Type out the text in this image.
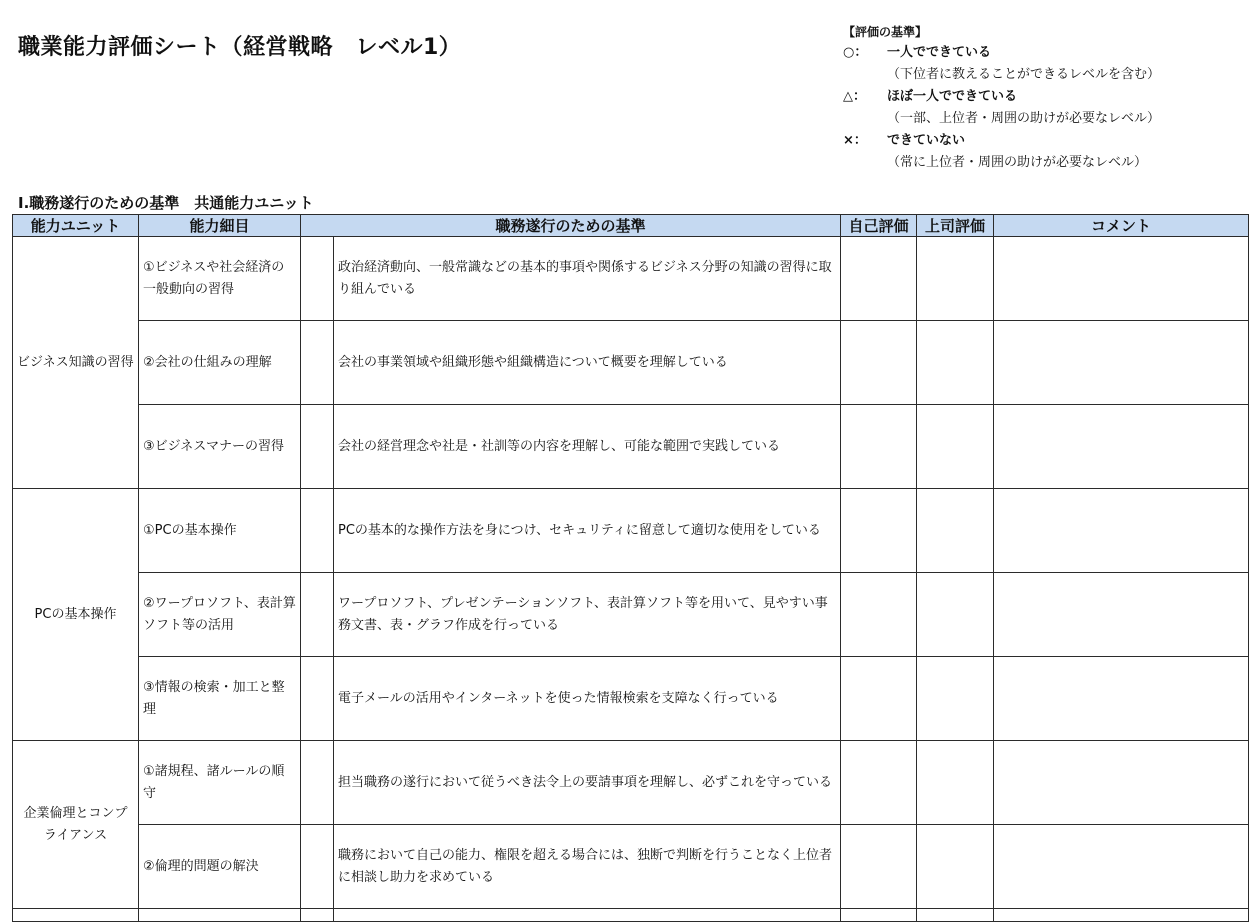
職業能力評価シート（経営戦略　レベル1）
【評価の基準】
○：	一人でできている
（下位者に教えることができるレベルを含む）
△：	ほぼ一人でできている
（一部、上位者・周囲の助けが必要なレベル）
×：	できていない
（常に上位者・周囲の助けが必要なレベル）
Ⅰ.職務遂行のための基準　共通能力ユニット
能力ユニット	能力細目	職務遂行のための基準		自己評価	上司評価	コメント
ビジネス知識の習得	①ビジネスや社会経済の一般動向の習得		政治経済動向、一般常識などの基本的事項や関係するビジネス分野の知識の習得に取り組んでいる			
	②会社の仕組みの理解		会社の事業領域や組織形態や組織構造について概要を理解している			
	③ビジネスマナーの習得		会社の経営理念や社是・社訓等の内容を理解し、可能な範囲で実践している			
PCの基本操作	①PCの基本操作		PCの基本的な操作方法を身につけ、セキュリティに留意して適切な使用をしている			
	②ワープロソフト、表計算ソフト等の活用		ワープロソフト、プレゼンテーションソフト、表計算ソフト等を用いて、見やすい事務文書、表・グラフ作成を行っている			
	③情報の検索・加工と整理		電子メールの活用やインターネットを使った情報検索を支障なく行っている			
企業倫理とコンプライアンス	①諸規程、諸ルールの順守		担当職務の遂行において従うべき法令上の要請事項を理解し、必ずこれを守っている			
	②倫理的問題の解決		職務において自己の能力、権限を超える場合には、独断で判断を行うことなく上位者に相談し助力を求めている			
